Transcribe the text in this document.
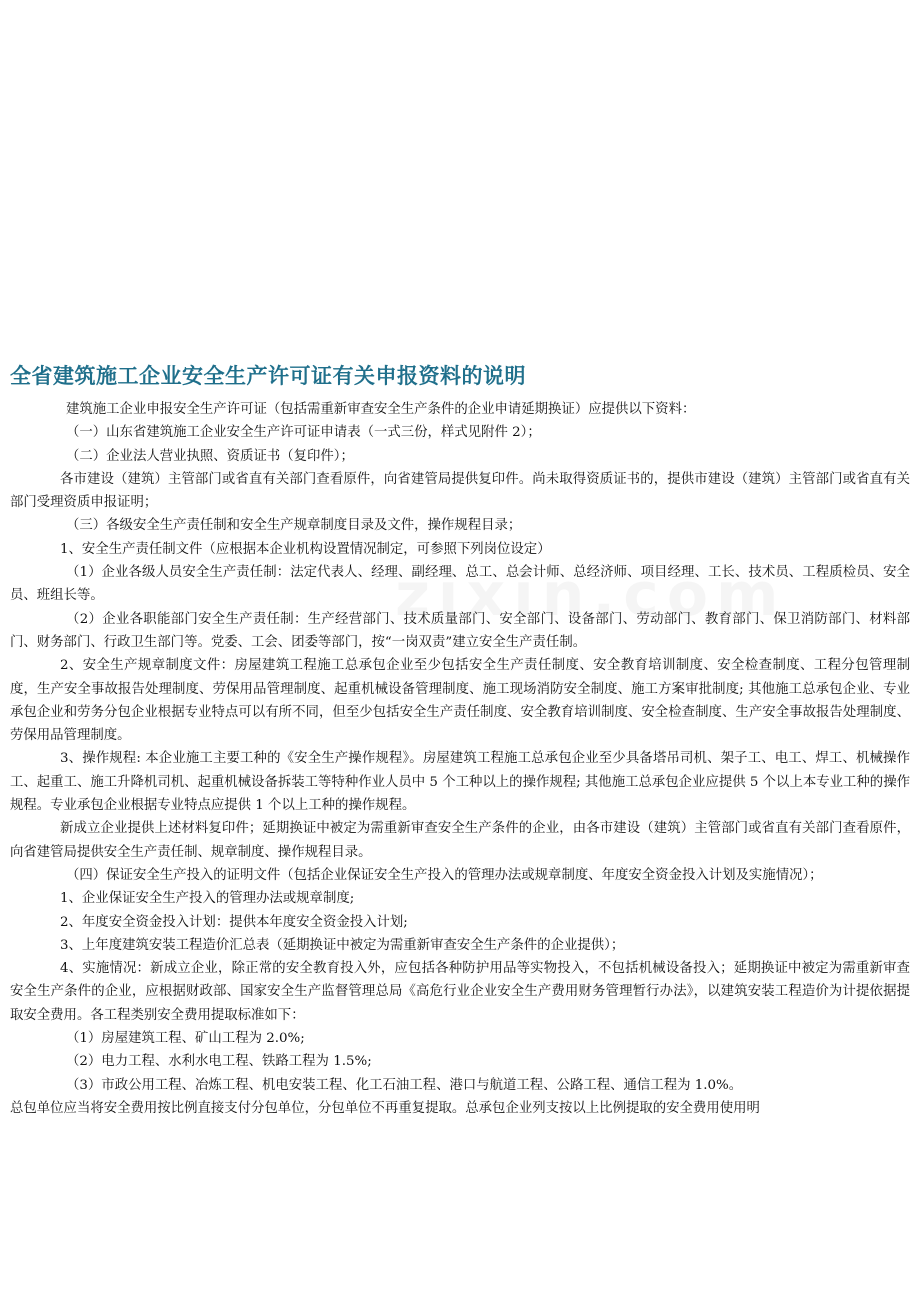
全省建筑施工企业安全生产许可证有关申报资料的说明

建筑施工企业申报安全生产许可证（包括需重新审查安全生产条件的企业申请延期换证）应提供以下资料：

（一）山东省建筑施工企业安全生产许可证申请表（一式三份，样式见附件 2）；

（二）企业法人营业执照、资质证书（复印件）；

各市建设（建筑）主管部门或省直有关部门查看原件，向省建管局提供复印件。尚未取得资质证书的，提供市建设（建筑）主管部门或省直有关部门受理资质申报证明；

（三）各级安全生产责任制和安全生产规章制度目录及文件，操作规程目录；

1、安全生产责任制文件（应根据本企业机构设置情况制定，可参照下列岗位设定）

（1）企业各级人员安全生产责任制：法定代表人、经理、副经理、总工、总会计师、总经济师、项目经理、工长、技术员、工程质检员、安全员、班组长等。

（2）企业各职能部门安全生产责任制：生产经营部门、技术质量部门、安全部门、设备部门、劳动部门、教育部门、保卫消防部门、材料部门、财务部门、行政卫生部门等。党委、工会、团委等部门，按“一岗双责”建立安全生产责任制。

2、安全生产规章制度文件：房屋建筑工程施工总承包企业至少包括安全生产责任制度、安全教育培训制度、安全检查制度、工程分包管理制度，生产安全事故报告处理制度、劳保用品管理制度、起重机械设备管理制度、施工现场消防安全制度、施工方案审批制度; 其他施工总承包企业、专业承包企业和劳务分包企业根据专业特点可以有所不同，但至少包括安全生产责任制度、安全教育培训制度、安全检查制度、生产安全事故报告处理制度、劳保用品管理制度。

3、操作规程: 本企业施工主要工种的《安全生产操作规程》。房屋建筑工程施工总承包企业至少具备塔吊司机、架子工、电工、焊工、机械操作工、起重工、施工升降机司机、起重机械设备拆装工等特种作业人员中 5 个工种以上的操作规程; 其他施工总承包企业应提供 5 个以上本专业工种的操作规程。专业承包企业根据专业特点应提供 1 个以上工种的操作规程。

新成立企业提供上述材料复印件；延期换证中被定为需重新审查安全生产条件的企业，由各市建设（建筑）主管部门或省直有关部门查看原件，向省建管局提供安全生产责任制、规章制度、操作规程目录。

（四）保证安全生产投入的证明文件（包括企业保证安全生产投入的管理办法或规章制度、年度安全资金投入计划及实施情况）；

1、企业保证安全生产投入的管理办法或规章制度;

2、年度安全资金投入计划：提供本年度安全资金投入计划;

3、上年度建筑安装工程造价汇总表（延期换证中被定为需重新审查安全生产条件的企业提供）；

4、实施情况：新成立企业，除正常的安全教育投入外，应包括各种防护用品等实物投入，不包括机械设备投入；延期换证中被定为需重新审查安全生产条件的企业，应根据财政部、国家安全生产监督管理总局《高危行业企业安全生产费用财务管理暂行办法》，以建筑安装工程造价为计提依据提取安全费用。各工程类别安全费用提取标准如下：

（1）房屋建筑工程、矿山工程为 2.0%;

（2）电力工程、水利水电工程、铁路工程为 1.5%;

（3）市政公用工程、冶炼工程、机电安装工程、化工石油工程、港口与航道工程、公路工程、通信工程为 1.0%。

总包单位应当将安全费用按比例直接支付分包单位，分包单位不再重复提取。总承包企业列支按以上比例提取的安全费用使用明
